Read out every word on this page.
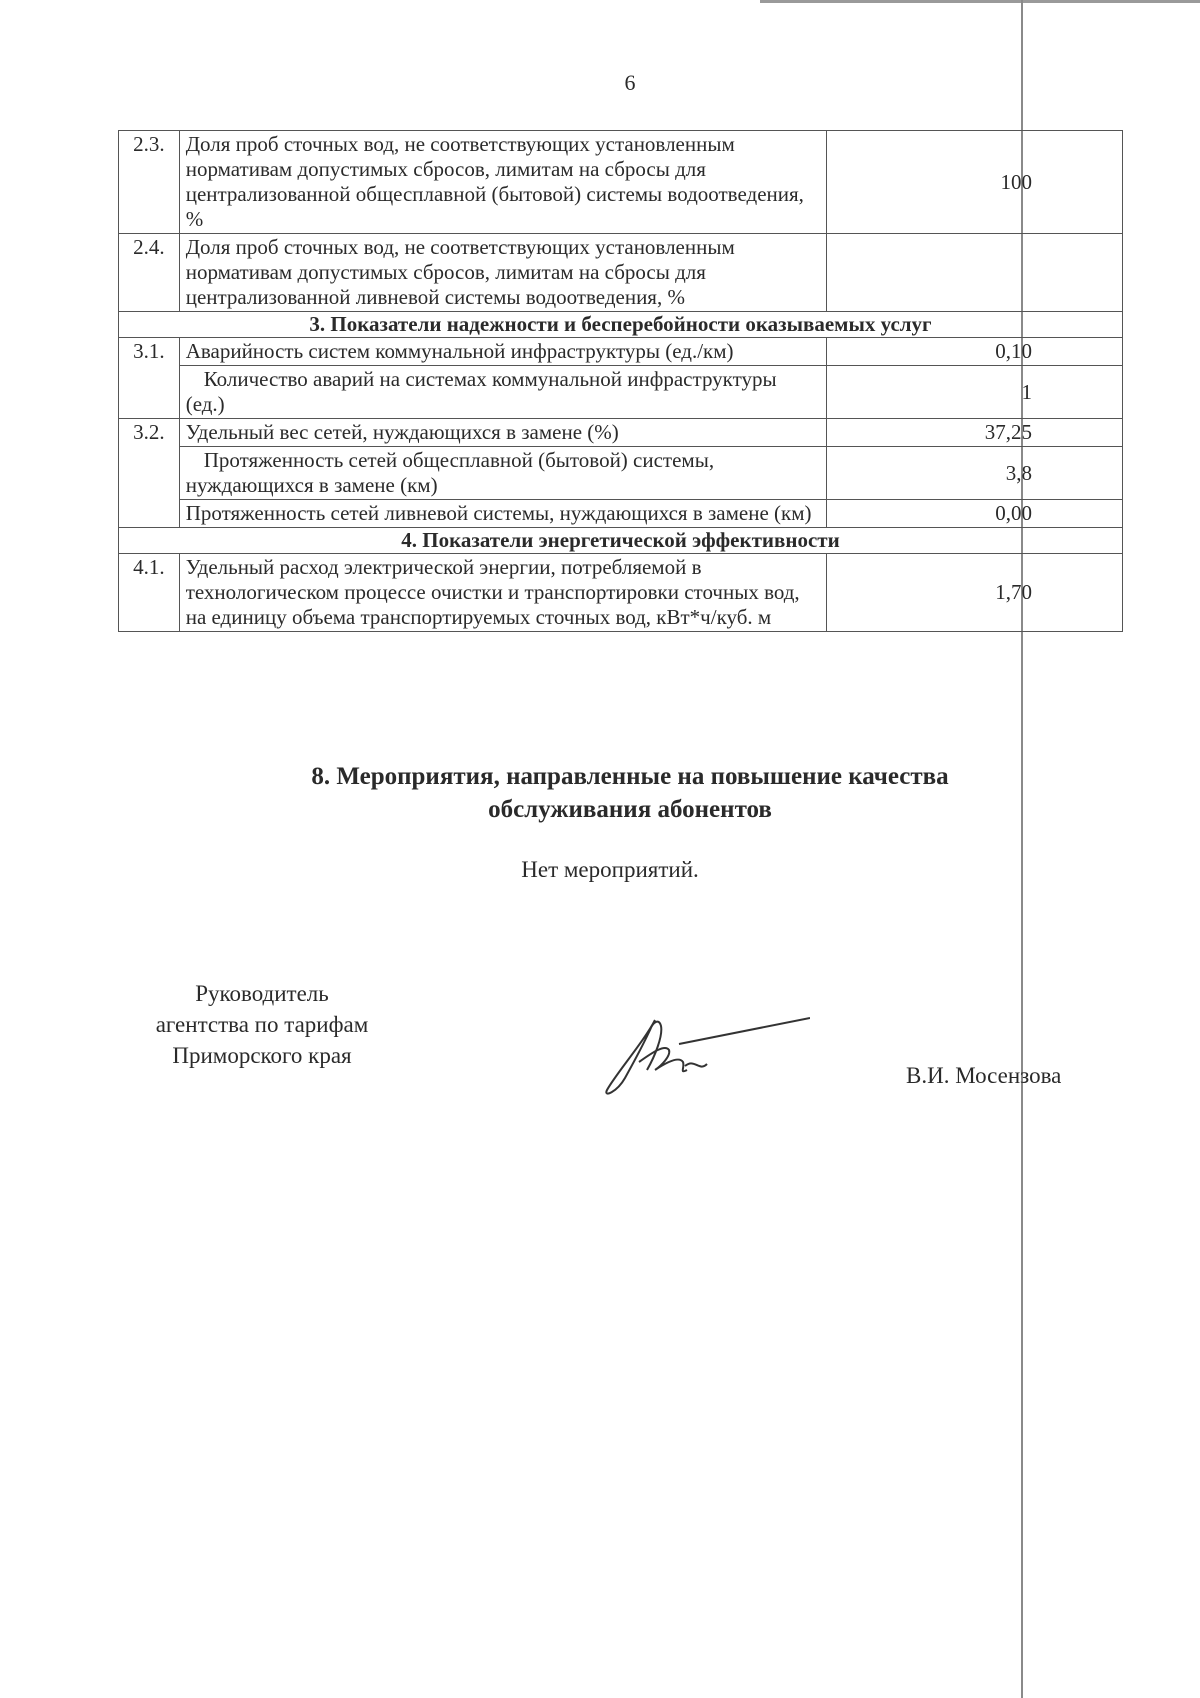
6
2.3.	Доля проб сточных вод, не соответствующих установленным нормативам допустимых сбросов, лимитам на сбросы для централизованной общесплавной (бытовой) системы водоотведения, %	100
2.4.	Доля проб сточных вод, не соответствующих установленным нормативам допустимых сбросов, лимитам на сбросы для централизованной ливневой системы водоотведения, %	
3. Показатели надежности и бесперебойности оказываемых услуг		
3.1.	Аварийность систем коммунальной инфраструктуры (ед./км)	0,10
	Количество аварий на системах коммунальной инфраструктуры (ед.)	1
3.2.	Удельный вес сетей, нуждающихся в замене (%)	37,25
	Протяженность сетей общесплавной (бытовой) системы, нуждающихся в замене (км)	3,8
	Протяженность сетей ливневой системы, нуждающихся в замене (км)	0,00
4. Показатели энергетической эффективности		
4.1.	Удельный расход электрической энергии, потребляемой в технологическом процессе очистки и транспортировки сточных вод, на единицу объема транспортируемых сточных вод, кВт*ч/куб. м	1,70
8. Мероприятия, направленные на повышение качества
обслуживания абонентов
Нет мероприятий.
Руководитель
агентства по тарифам
Приморского края
В.И. Мосензова
